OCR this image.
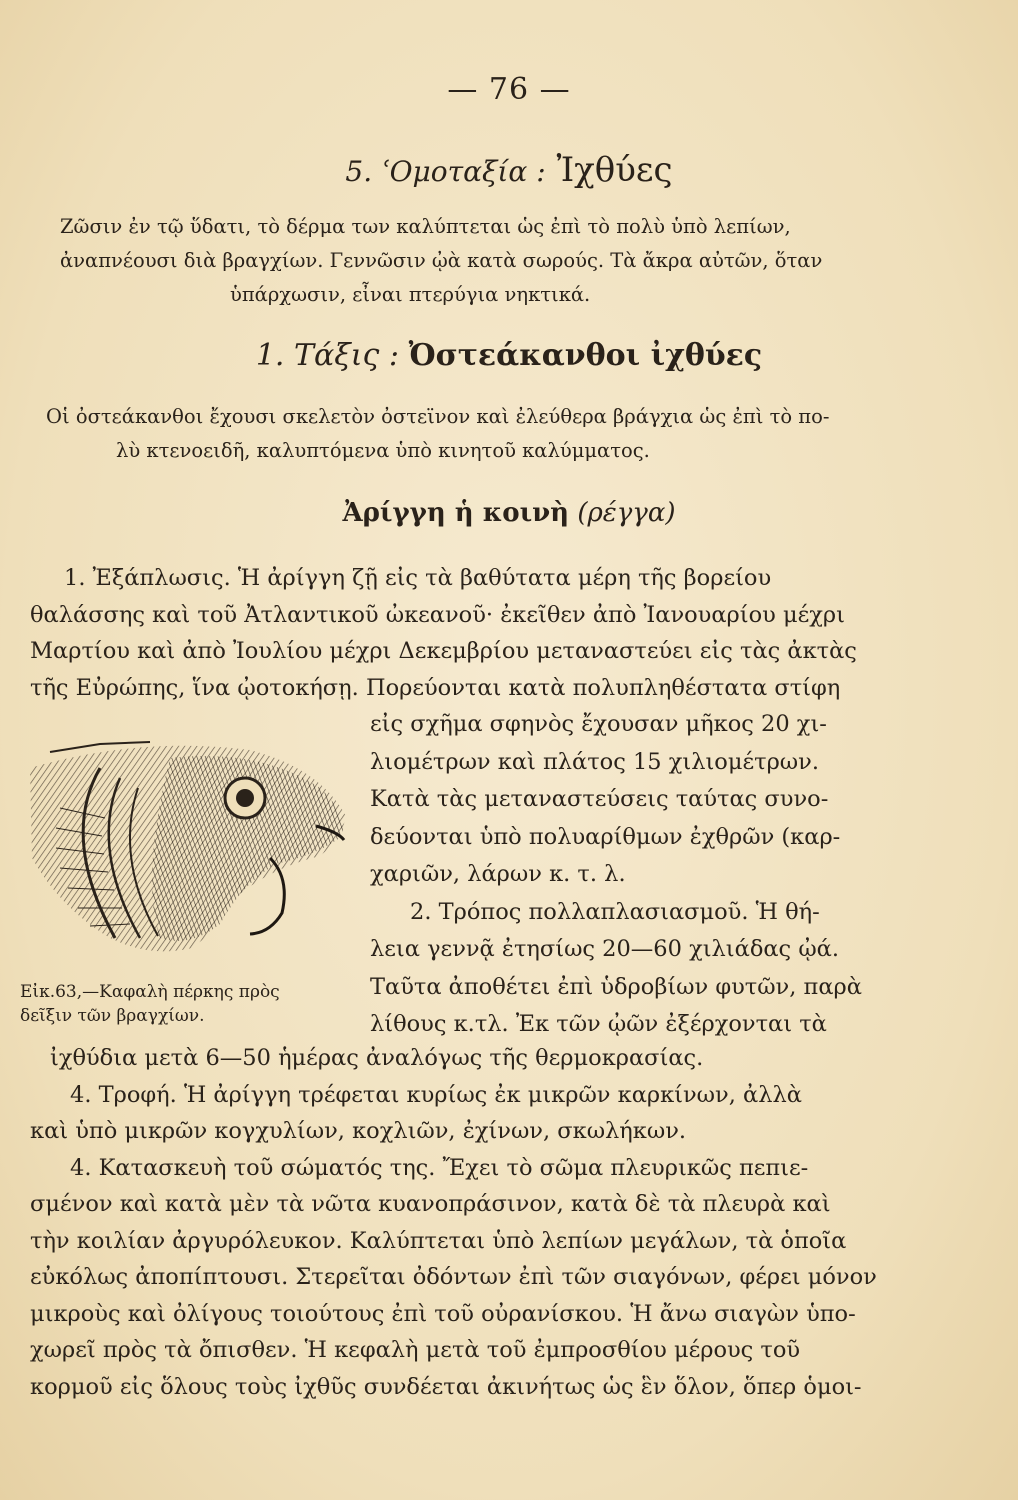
— 76 —
5. ʿΟμοταξία : Ἰχθύες
Ζῶσιν ἐν τῷ ὕδατι, τὸ δέρμα των καλύπτεται ὡς ἐπὶ τὸ πολὺ ὑπὸ λεπίων,
ἀναπνέουσι διὰ βραγχίων. Γεννῶσιν ᾠὰ κατὰ σωρούς. Τὰ ἄκρα αὐτῶν, ὅταν
ὑπάρχωσιν, εἶναι πτερύγια νηκτικά.
1. Τάξις : Ὀστεάκανθοι ἰχθύες
Οἱ ὀστεάκανθοι ἔχουσι σκελετὸν ὀστεϊνον καὶ ἐλεύθερα βράγχια ὡς ἐπὶ τὸ πο-
λὺ κτενοειδῆ, καλυπτόμενα ὑπὸ κινητοῦ καλύμματος.
Ἀρίγγη ἡ κοινὴ (ρέγγα)
1. Ἐξάπλωσις. Ἡ ἀρίγγη ζῇ εἰς τὰ βαθύτατα μέρη τῆς βορείου
θαλάσσης καὶ τοῦ Ἀτλαντικοῦ ὠκεανοῦ· ἐκεῖθεν ἀπὸ Ἰανουαρίου μέχρι
Μαρτίου καὶ ἀπὸ Ἰουλίου μέχρι Δεκεμβρίου μεταναστεύει εἰς τὰς ἀκτὰς
τῆς Εὐρώπης, ἵνα ᾠοτοκήσῃ. Πορεύονται κατὰ πολυπληθέστατα στίφη
εἰς σχῆμα σφηνὸς ἔχουσαν μῆκος 20 χι-
λιομέτρων καὶ πλάτος 15 χιλιομέτρων.
Κατὰ τὰς μεταναστεύσεις ταύτας συνο-
δεύονται ὑπὸ πολυαρίθμων ἐχθρῶν (καρ-
χαριῶν, λάρων κ. τ. λ.
2. Τρόπος πολλαπλασιασμοῦ. Ἡ θή-
λεια γεννᾷ ἐτησίως 20—60 χιλιάδας ᾠά.
Ταῦτα ἀποθέτει ἐπὶ ὑδροβίων φυτῶν, παρὰ
λίθους κ.τλ. Ἐκ τῶν ᾠῶν ἐξέρχονται τὰ
Εἰκ.63,—Καφαλὴ πέρκης πρὸς
δεῖξιν τῶν βραγχίων.
ἰχθύδια μετὰ 6—50 ἡμέρας ἀναλόγως τῆς θερμοκρασίας.
4. Τροφή. Ἡ ἀρίγγη τρέφεται κυρίως ἐκ μικρῶν καρκίνων, ἀλλὰ
καὶ ὑπὸ μικρῶν κογχυλίων, κοχλιῶν, ἐχίνων, σκωλήκων.
4. Κατασκευὴ τοῦ σώματός της. Ἔχει τὸ σῶμα πλευρικῶς πεπιε-
σμένον καὶ κατὰ μὲν τὰ νῶτα κυανοπράσινον, κατὰ δὲ τὰ πλευρὰ καὶ
τὴν κοιλίαν ἀργυρόλευκον. Καλύπτεται ὑπὸ λεπίων μεγάλων, τὰ ὁποῖα
εὐκόλως ἀποπίπτουσι. Στερεῖται ὀδόντων ἐπὶ τῶν σιαγόνων, φέρει μόνον
μικροὺς καὶ ὀλίγους τοιούτους ἐπὶ τοῦ οὐρανίσκου. Ἡ ἄνω σιαγὼν ὑπο-
χωρεῖ πρὸς τὰ ὄπισθεν. Ἡ κεφαλὴ μετὰ τοῦ ἐμπροσθίου μέρους τοῦ
κορμοῦ εἰς ὅλους τοὺς ἰχθῦς συνδέεται ἀκινήτως ὡς ἓν ὅλον, ὅπερ ὁμοι-
